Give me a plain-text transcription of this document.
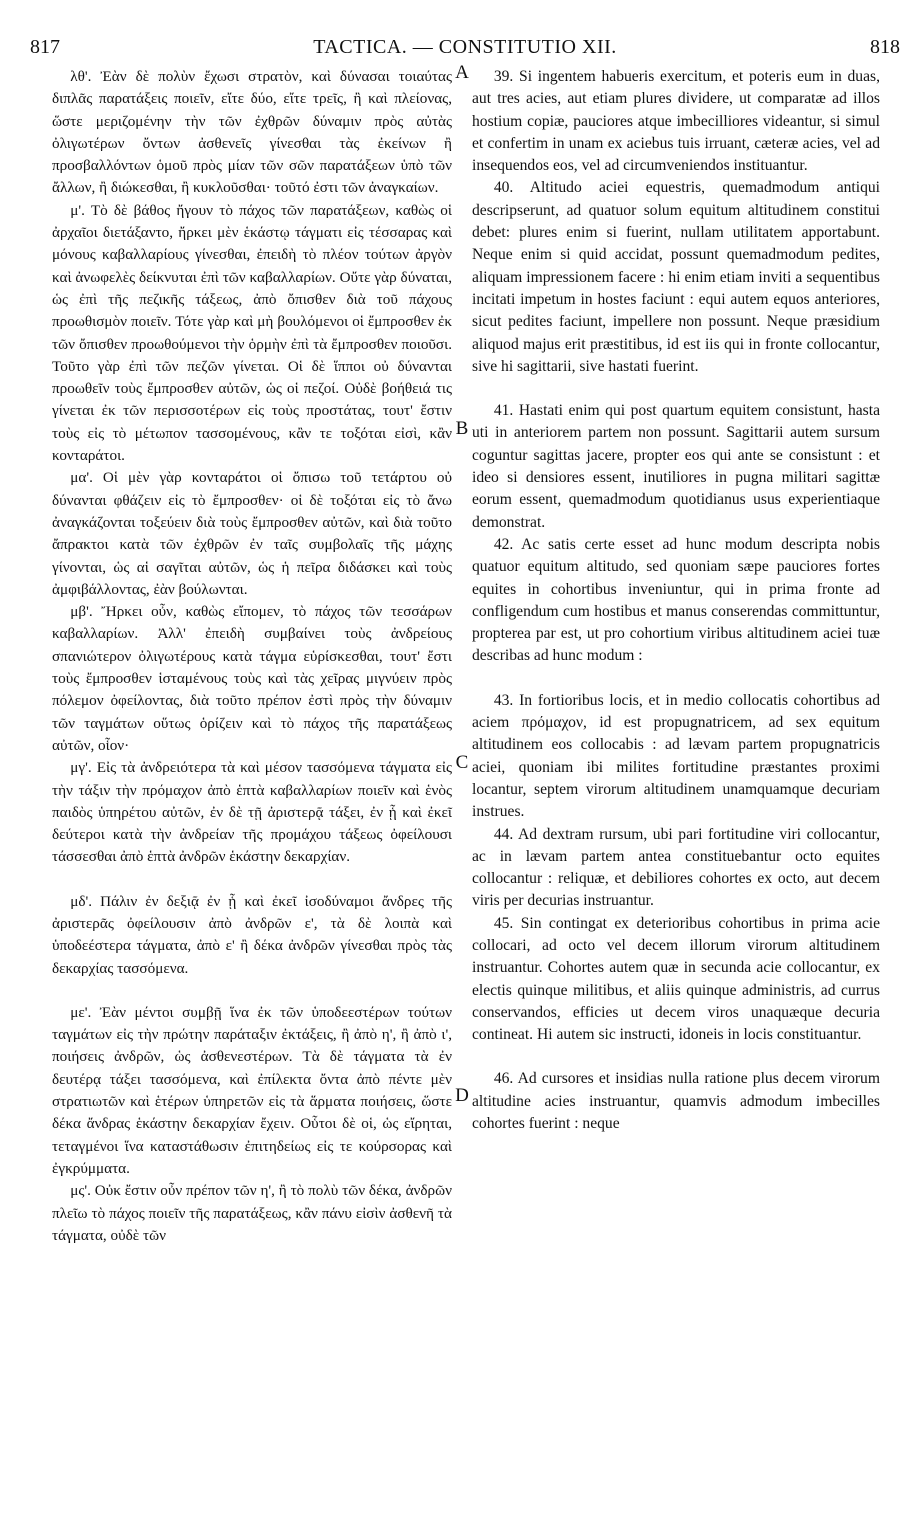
817	TACTICA. — CONSTITUTIO XII.	818

λθ'. Ἐὰν δὲ πολὺν ἔχωσι στρατὸν, καὶ δύνασαι τοιαύτας διπλᾶς παρατάξεις ποιεῖν, εἴτε δύο, εἴτε τρεῖς, ἢ καὶ πλείονας, ὥστε μεριζομένην τὴν τῶν ἐχθρῶν δύναμιν πρὸς αὐτὰς ὀλιγωτέρων ὄντων ἀσθενεῖς γίνεσθαι τὰς ἐκείνων ἢ προσβαλλόντων ὁμοῦ πρὸς μίαν τῶν σῶν παρατάξεων ὑπὸ τῶν ἄλλων, ἢ διώκεσθαι, ἢ κυκλοῦσθαι· τοῦτό ἐστι τῶν ἀναγκαίων.

μ'. Τὸ δὲ βάθος ἤγουν τὸ πάχος τῶν παρατάξεων, καθὼς οἱ ἀρχαῖοι διετάξαντο, ἤρκει μὲν ἑκάστῳ τάγματι εἰς τέσσαρας καὶ μόνους καβαλλαρίους γίνεσθαι, ἐπειδὴ τὸ πλέον τούτων ἀργὸν καὶ ἀνωφελὲς δείκνυται ἐπὶ τῶν καβαλλαρίων. Οὔτε γὰρ δύναται, ὡς ἐπὶ τῆς πεζικῆς τάξεως, ἀπὸ ὄπισθεν διὰ τοῦ πάχους προωθισμὸν ποιεῖν. Τότε γὰρ καὶ μὴ βουλόμενοι οἱ ἔμπροσθεν ἐκ τῶν ὄπισθεν προωθούμενοι τὴν ὁρμὴν ἐπὶ τὰ ἔμπροσθεν ποιοῦσι. Τοῦτο γὰρ ἐπὶ τῶν πεζῶν γίνεται. Οἱ δὲ ἵπποι οὐ δύνανται προωθεῖν τοὺς ἔμπροσθεν αὐτῶν, ὡς οἱ πεζοί. Οὐδὲ βοήθειά τις γίνεται ἐκ τῶν περισσοτέρων εἰς τοὺς προστάτας, τουτ' ἔστιν τοὺς εἰς τὸ μέτωπον τασσομένους, κἂν τε τοξόται εἰσὶ, κἂν κονταράτοι.

μα'. Οἱ μὲν γὰρ κονταράτοι οἱ ὄπισω τοῦ τετάρτου οὐ δύνανται φθάζειν εἰς τὸ ἔμπροσθεν· οἱ δὲ τοξόται εἰς τὸ ἄνω ἀναγκάζονται τοξεύειν διὰ τοὺς ἔμπροσθεν αὐτῶν, καὶ διὰ τοῦτο ἄπρακτοι κατὰ τῶν ἐχθρῶν ἐν ταῖς συμβολαῖς τῆς μάχης γίνονται, ὡς αἱ σαγῖται αὐτῶν, ὡς ἡ πεῖρα διδάσκει καὶ τοὺς ἀμφιβάλλοντας, ἐὰν βούλωνται.

μβ'. Ἤρκει οὖν, καθὼς εἴπομεν, τὸ πάχος τῶν τεσσάρων καβαλλαρίων. Ἀλλ' ἐπειδὴ συμβαίνει τοὺς ἀνδρείους σπανιώτερον ὀλιγωτέρους κατὰ τάγμα εὑρίσκεσθαι, τουτ' ἔστι τοὺς ἔμπροσθεν ἱσταμένους τοὺς καὶ τὰς χεῖρας μιγνύειν πρὸς πόλεμον ὀφείλοντας, διὰ τοῦτο πρέπον ἐστὶ πρὸς τὴν δύναμιν τῶν ταγμάτων οὕτως ὁρίζειν καὶ τὸ πάχος τῆς παρατάξεως αὐτῶν, οἷον·

μγ'. Εἰς τὰ ἀνδρειότερα τὰ καὶ μέσον τασσόμενα τάγματα εἰς τὴν τάξιν τὴν πρόμαχον ἀπὸ ἑπτὰ καβαλλαρίων ποιεῖν καὶ ἑνὸς παιδὸς ὑπηρέτου αὐτῶν, ἐν δὲ τῇ ἀριστερᾷ τάξει, ἐν ᾗ καὶ ἐκεῖ δεύτεροι κατὰ τὴν ἀνδρείαν τῆς προμάχου τάξεως ὀφείλουσι τάσσεσθαι ἀπὸ ἑπτὰ ἀνδρῶν ἑκάστην δεκαρχίαν.

μδ'. Πάλιν ἐν δεξιᾷ ἐν ᾗ καὶ ἐκεῖ ἰσοδύναμοι ἄνδρες τῆς ἀριστερᾶς ὀφείλουσιν ἀπὸ ἀνδρῶν ε', τὰ δὲ λοιπὰ καὶ ὑποδεέστερα τάγματα, ἀπὸ ε' ἢ δέκα ἀνδρῶν γίνεσθαι πρὸς τὰς δεκαρχίας τασσόμενα.

με'. Ἐὰν μέντοι συμβῇ ἵνα ἐκ τῶν ὑποδεεστέρων τούτων ταγμάτων εἰς τὴν πρώτην παράταξιν ἐκτάξεις, ἢ ἀπὸ η', ἢ ἀπὸ ι', ποιήσεις ἀνδρῶν, ὡς ἀσθενεστέρων. Τὰ δὲ τάγματα τὰ ἐν δευτέρᾳ τάξει τασσόμενα, καὶ ἐπίλεκτα ὄντα ἀπὸ πέντε μὲν στρατιωτῶν καὶ ἑτέρων ὑπηρετῶν εἰς τὰ ἅρματα ποιήσεις, ὥστε δέκα ἄνδρας ἑκάστην δεκαρχίαν ἔχειν. Οὗτοι δὲ οἱ, ὡς εἴρηται, τεταγμένοι ἵνα καταστάθωσιν ἐπιτηδείως εἰς τε κούρσορας καὶ ἐγκρύμματα.

μς'. Οὐκ ἔστιν οὖν πρέπον τῶν η', ἢ τὸ πολὺ τῶν δέκα, ἀνδρῶν πλεῖω τὸ πάχος ποιεῖν τῆς παρατάξεως, κἂν πάνυ εἰσὶν ἀσθενῆ τὰ τάγματα, οὐδὲ τῶν

A
B
C
D

39. Si ingentem habueris exercitum, et poteris eum in duas, aut tres acies, aut etiam plures dividere, ut comparatæ ad illos hostium copiæ, pauciores atque imbecilliores videantur, si simul et confertim in unam ex aciebus tuis irruant, cæteræ acies, vel ad insequendos eos, vel ad circumveniendos instituantur.

40. Altitudo aciei equestris, quemadmodum antiqui descripserunt, ad quatuor solum equitum altitudinem constitui debet: plures enim si fuerint, nullam utilitatem apportabunt. Neque enim si quid accidat, possunt quemadmodum pedites, aliquam impressionem facere : hi enim etiam inviti a sequentibus incitati impetum in hostes faciunt : equi autem equos anteriores, sicut pedites faciunt, impellere non possunt. Neque præsidium aliquod majus erit præstitibus, id est iis qui in fronte collocantur, sive hi sagittarii, sive hastati fuerint.

41. Hastati enim qui post quartum equitem consistunt, hasta uti in anteriorem partem non possunt. Sagittarii autem sursum coguntur sagittas jacere, propter eos qui ante se consistunt : et ideo si densiores essent, inutiliores in pugna militari sagittæ eorum essent, quemadmodum quotidianus usus experientiaque demonstrat.

42. Ac satis certe esset ad hunc modum descripta nobis quatuor equitum altitudo, sed quoniam sæpe pauciores fortes equites in cohortibus inveniuntur, qui in prima fronte ad confligendum cum hostibus et manus conserendas committuntur, propterea par est, ut pro cohortium viribus altitudinem aciei tuæ describas ad hunc modum :

43. In fortioribus locis, et in medio collocatis cohortibus ad aciem πρόμαχον, id est propugnatricem, ad sex equitum altitudinem eos collocabis : ad lævam partem propugnatricis aciei, quoniam ibi milites fortitudine præstantes proximi locantur, septem virorum altitudinem unamquamque decuriam instrues.

44. Ad dextram rursum, ubi pari fortitudine viri collocantur, ac in lævam partem antea constituebantur octo equites collocantur : reliquæ, et debiliores cohortes ex octo, aut decem viris per decurias instruantur.

45. Sin contingat ex deterioribus cohortibus in prima acie collocari, ad octo vel decem illorum virorum altitudinem instruantur. Cohortes autem quæ in secunda acie collocantur, ex electis quinque militibus, et aliis quinque administris, ad currus conservandos, efficies ut decem viros unaquæque decuria contineat. Hi autem sic instructi, idoneis in locis constituantur.

46. Ad cursores et insidias nulla ratione plus decem virorum altitudine acies instruantur, quamvis admodum imbecilles cohortes fuerint : neque
